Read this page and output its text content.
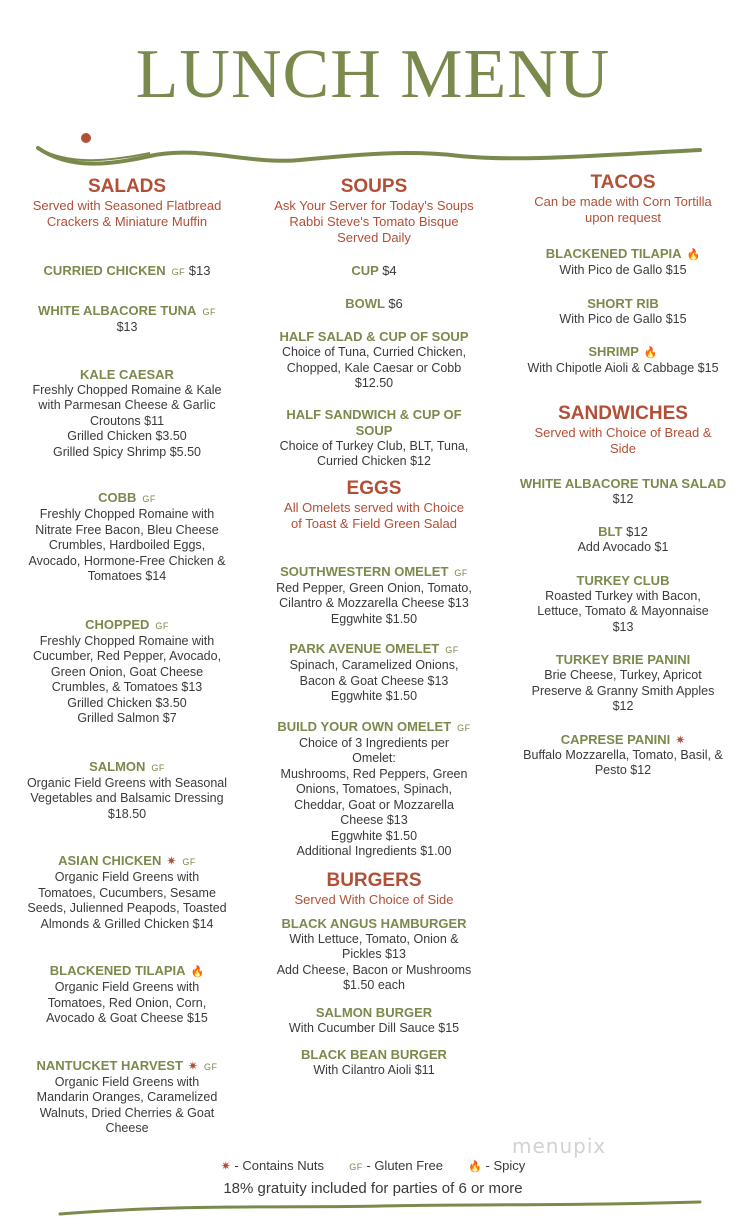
LUNCH MENU
SALADS
Served with Seasoned Flatbread
Crackers & Miniature Muffin
CURRIED CHICKEN GF $13
WHITE ALBACORE TUNA GF
$13
KALE CAESAR
Freshly Chopped Romaine & Kale
with Parmesan Cheese & Garlic
Croutons $11
Grilled Chicken $3.50
Grilled Spicy Shrimp $5.50
COBB GF
Freshly Chopped Romaine with
Nitrate Free Bacon, Bleu Cheese
Crumbles, Hardboiled Eggs,
Avocado, Hormone-Free Chicken &
Tomatoes $14
CHOPPED GF
Freshly Chopped Romaine with
Cucumber, Red Pepper, Avocado,
Green Onion, Goat Cheese
Crumbles, & Tomatoes $13
Grilled Chicken $3.50
Grilled Salmon $7
SALMON GF
Organic Field Greens with Seasonal
Vegetables and Balsamic Dressing
$18.50
ASIAN CHICKEN ✷ GF
Organic Field Greens with
Tomatoes, Cucumbers, Sesame
Seeds, Julienned Peapods, Toasted
Almonds & Grilled Chicken $14
BLACKENED TILAPIA 🔥
Organic Field Greens with
Tomatoes, Red Onion, Corn,
Avocado & Goat Cheese $15
NANTUCKET HARVEST ✷ GF
Organic Field Greens with
Mandarin Oranges, Caramelized
Walnuts, Dried Cherries & Goat
Cheese
SOUPS
Ask Your Server for Today's Soups
Rabbi Steve's Tomato Bisque
Served Daily
CUP $4
BOWL $6
HALF SALAD & CUP OF SOUP
Choice of Tuna, Curried Chicken,
Chopped, Kale Caesar or Cobb
$12.50
HALF SANDWICH & CUP OF
SOUP
Choice of Turkey Club, BLT, Tuna,
Curried Chicken $12
EGGS
All Omelets served with Choice
of Toast & Field Green Salad
SOUTHWESTERN OMELET GF
Red Pepper, Green Onion, Tomato,
Cilantro & Mozzarella Cheese $13
Eggwhite $1.50
PARK AVENUE OMELET GF
Spinach, Caramelized Onions,
Bacon & Goat Cheese $13
Eggwhite $1.50
BUILD YOUR OWN OMELET GF
Choice of 3 Ingredients per
Omelet:
Mushrooms, Red Peppers, Green
Onions, Tomatoes, Spinach,
Cheddar, Goat or Mozzarella
Cheese $13
Eggwhite $1.50
Additional Ingredients $1.00
BURGERS
Served With Choice of Side
BLACK ANGUS HAMBURGER
With Lettuce, Tomato, Onion &
Pickles $13
Add Cheese, Bacon or Mushrooms
$1.50 each
SALMON BURGER
With Cucumber Dill Sauce $15
BLACK BEAN BURGER
With Cilantro Aioli $11
TACOS
Can be made with Corn Tortilla
upon request
BLACKENED TILAPIA 🔥
With Pico de Gallo $15
SHORT RIB
With Pico de Gallo $15
SHRIMP 🔥
With Chipotle Aioli & Cabbage $15
SANDWICHES
Served with Choice of Bread &
Side
WHITE ALBACORE TUNA SALAD
$12
BLT $12
Add Avocado $1
TURKEY CLUB
Roasted Turkey with Bacon,
Lettuce, Tomato & Mayonnaise
$13
TURKEY BRIE PANINI
Brie Cheese, Turkey, Apricot
Preserve & Granny Smith Apples
$12
CAPRESE PANINI ✷
Buffalo Mozzarella, Tomato, Basil, &
Pesto $12
menupix
✷ - Contains Nuts	GF - Gluten Free 🔥 - Spicy
18% gratuity included for parties of 6 or more
